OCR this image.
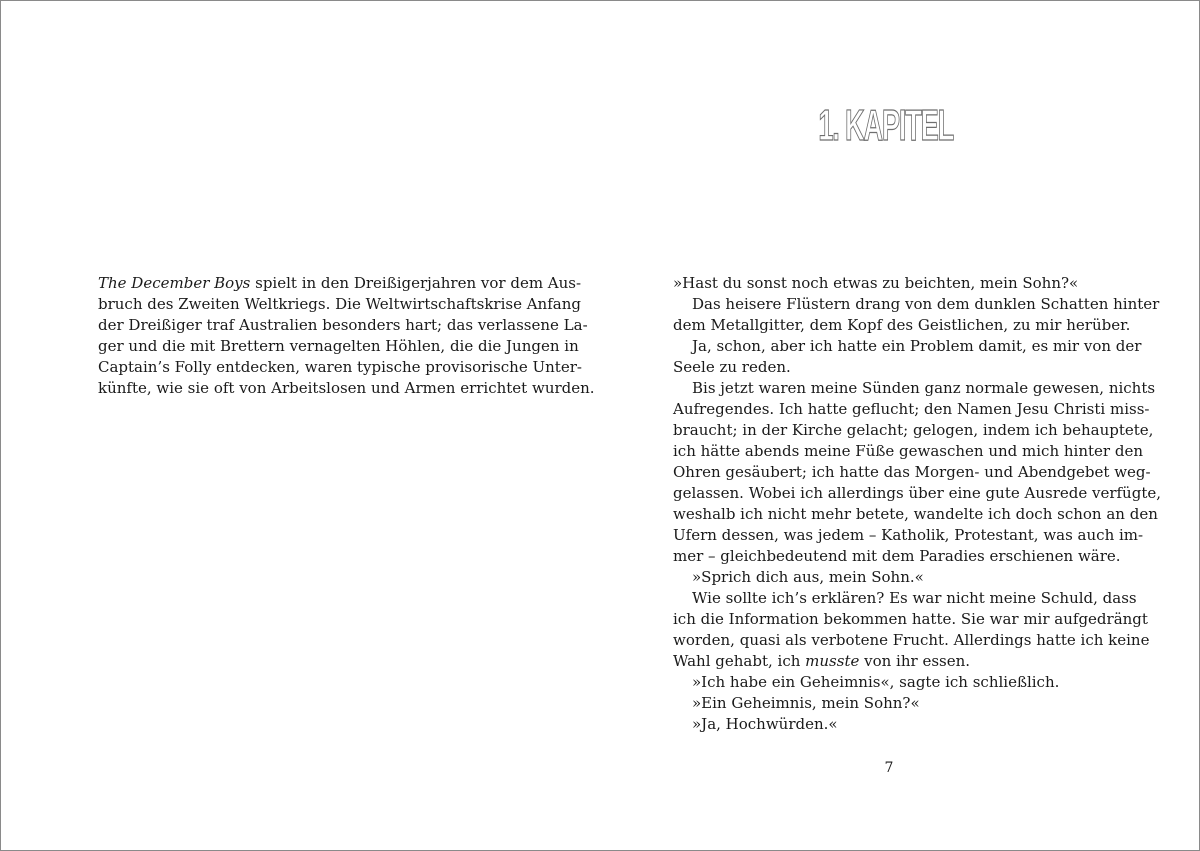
The December Boys spielt in den Dreißigerjahren vor dem Aus-
bruch des Zweiten Weltkriegs. Die Weltwirtschaftskrise Anfang
der Dreißiger traf Australien besonders hart; das verlassene La-
ger und die mit Brettern vernagelten Höhlen, die die Jungen in
Captain’s Folly entdecken, waren typische provisorische Unter-
künfte, wie sie oft von Arbeitslosen und Armen errichtet wurden.
1. KAPITEL
»Hast du sonst noch etwas zu beichten, mein Sohn?«
Das heisere Flüstern drang von dem dunklen Schatten hinter
dem Metallgitter, dem Kopf des Geistlichen, zu mir herüber.
Ja, schon, aber ich hatte ein Problem damit, es mir von der
Seele zu reden.
Bis jetzt waren meine Sünden ganz normale gewesen, nichts
Aufregendes. Ich hatte geflucht; den Namen Jesu Christi miss-
braucht; in der Kirche gelacht; gelogen, indem ich behauptete,
ich hätte abends meine Füße gewaschen und mich hinter den
Ohren gesäubert; ich hatte das Morgen- und Abendgebet weg-
gelassen. Wobei ich allerdings über eine gute Ausrede verfügte,
weshalb ich nicht mehr betete, wandelte ich doch schon an den
Ufern dessen, was jedem – Katholik, Protestant, was auch im-
mer – gleichbedeutend mit dem Paradies erschienen wäre.
»Sprich dich aus, mein Sohn.«
Wie sollte ich’s erklären? Es war nicht meine Schuld, dass
ich die Information bekommen hatte. Sie war mir aufgedrängt
worden, quasi als verbotene Frucht. Allerdings hatte ich keine
Wahl gehabt, ich musste von ihr essen.
»Ich habe ein Geheimnis«, sagte ich schließlich.
»Ein Geheimnis, mein Sohn?«
»Ja, Hochwürden.«
7
